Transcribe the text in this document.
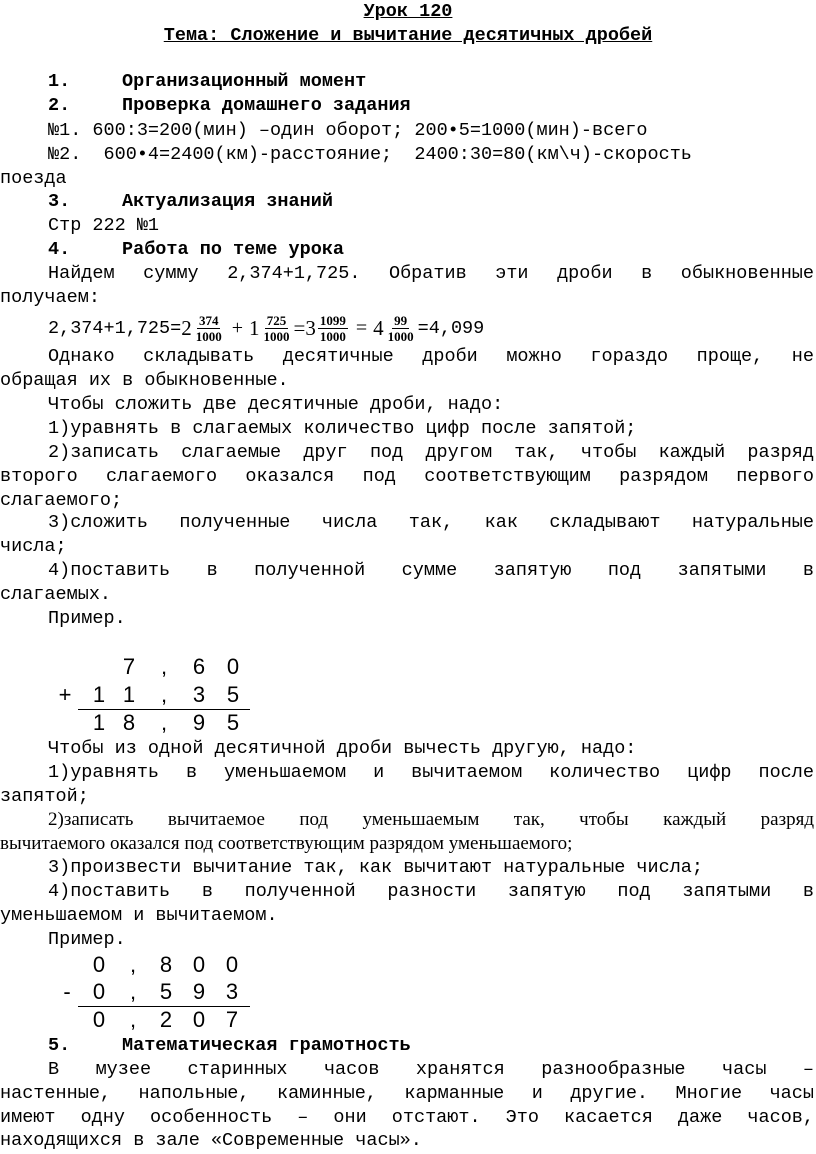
Урок 120
Тема: Сложение и вычитание десятичных дробей
1.	Организационный момент
2.	Проверка домашнего задания
№1. 600:3=200(мин) –один оборот; 200•5=1000(мин)-всего
№2.  600•4=2400(км)-расстояние;  2400:30=80(км\ч)-скорость
поезда
3.	Актуализация знаний
Стр 222 №1
4.	Работа по теме урока
Найдем сумму 2,374+1,725. Обратив эти дроби в обыкновенные
получаем:
$2,374+1,725= 2 \frac{374}{1000} + 1 \frac{725}{1000} =3 \frac{1099}{1000} = 4 \frac{99}{1000} =4,099$
Однако складывать десятичные дроби можно гораздо проще, не
обращая их в обыкновенные.
Чтобы сложить две десятичные дроби, надо:
1)уравнять в слагаемых количество цифр после запятой;
2)записать слагаемые друг под другом так, чтобы каждый разряд
второго слагаемого оказался под соответствующим разрядом первого
слагаемого;
3)сложить полученные числа так, как складывают натуральные
числа;
4)поставить в полученной сумме запятую под запятыми в
слагаемых.
Пример.
7	,	6 0
+ 1 1	,	3 5
1 8	,	9 5
Чтобы из одной десятичной дроби вычесть другую, надо:
1)уравнять в уменьшаемом и вычитаемом количество цифр после
запятой;
2)записать вычитаемое под уменьшаемым так, чтобы каждый разряд
вычитаемого оказался под соответствующим разрядом уменьшаемого;
3)произвести вычитание так, как вычитают натуральные числа;
4)поставить в полученной разности запятую под запятыми в
уменьшаемом и вычитаемом.
Пример.
0	,	8 0 0
-	0	,	5 9 3
0	,	2 0 7
5.	Математическая грамотность
В музее старинных часов хранятся разнообразные часы –
настенные, напольные, каминные, карманные и другие. Многие часы
имеют одну особенность – они отстают. Это касается даже часов,
находящихся в зале «Современные часы».
